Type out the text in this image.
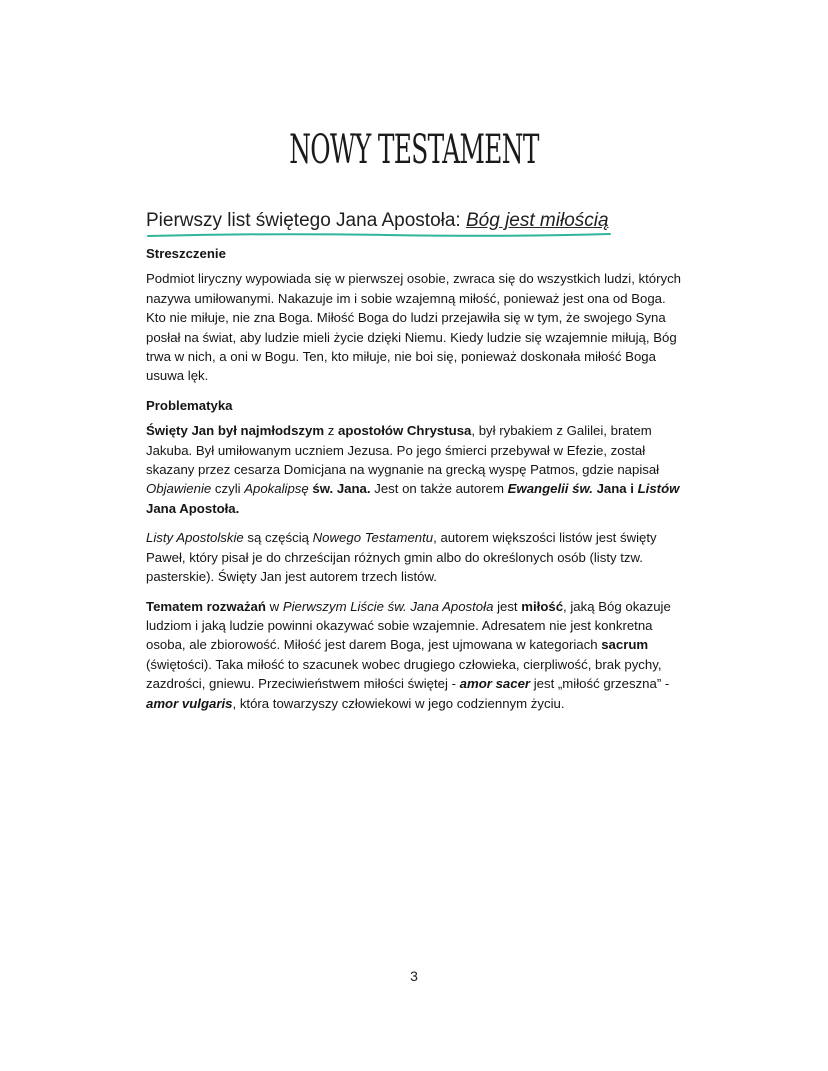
NOWY TESTAMENT
Pierwszy list świętego Jana Apostoła: Bóg jest miłością
Streszczenie

Podmiot liryczny wypowiada się w pierwszej osobie, zwraca się do wszystkich ludzi, których nazywa umiłowanymi. Nakazuje im i sobie wzajemną miłość, ponieważ jest ona od Boga. Kto nie miłuje, nie zna Boga. Miłość Boga do ludzi przejawiła się w tym, że swojego Syna posłał na świat, aby ludzie mieli życie dzięki Niemu. Kiedy ludzie się wzajemnie miłują, Bóg trwa w nich, a oni w Bogu. Ten, kto miłuje, nie boi się, ponieważ doskonała miłość Boga usuwa lęk.

Problematyka

Święty Jan był najmłodszym z apostołów Chrystusa, był rybakiem z Galilei, bratem Jakuba. Był umiłowanym uczniem Jezusa. Po jego śmierci przebywał w Efezie, został skazany przez cesarza Domicjana na wygnanie na grecką wyspę Patmos, gdzie napisał Objawienie czyli Apokalipsę św. Jana. Jest on także autorem Ewangelii św. Jana i Listów Jana Apostoła.

Listy Apostolskie są częścią Nowego Testamentu, autorem większości listów jest święty Paweł, który pisał je do chrześcijan różnych gmin albo do określonych osób (listy tzw. pasterskie). Święty Jan jest autorem trzech listów.

Tematem rozważań w Pierwszym Liście św. Jana Apostoła jest miłość, jaką Bóg okazuje ludziom i jaką ludzie powinni okazywać sobie wzajemnie. Adresatem nie jest konkretna osoba, ale zbiorowość. Miłość jest darem Boga, jest ujmowana w kategoriach sacrum (świętości). Taka miłość to szacunek wobec drugiego człowieka, cierpliwość, brak pychy, zazdrości, gniewu. Przeciwieństwem miłości świętej - amor sacer jest „miłość grzeszna” - amor vulgaris, która towarzyszy człowiekowi w jego codziennym życiu.

3
